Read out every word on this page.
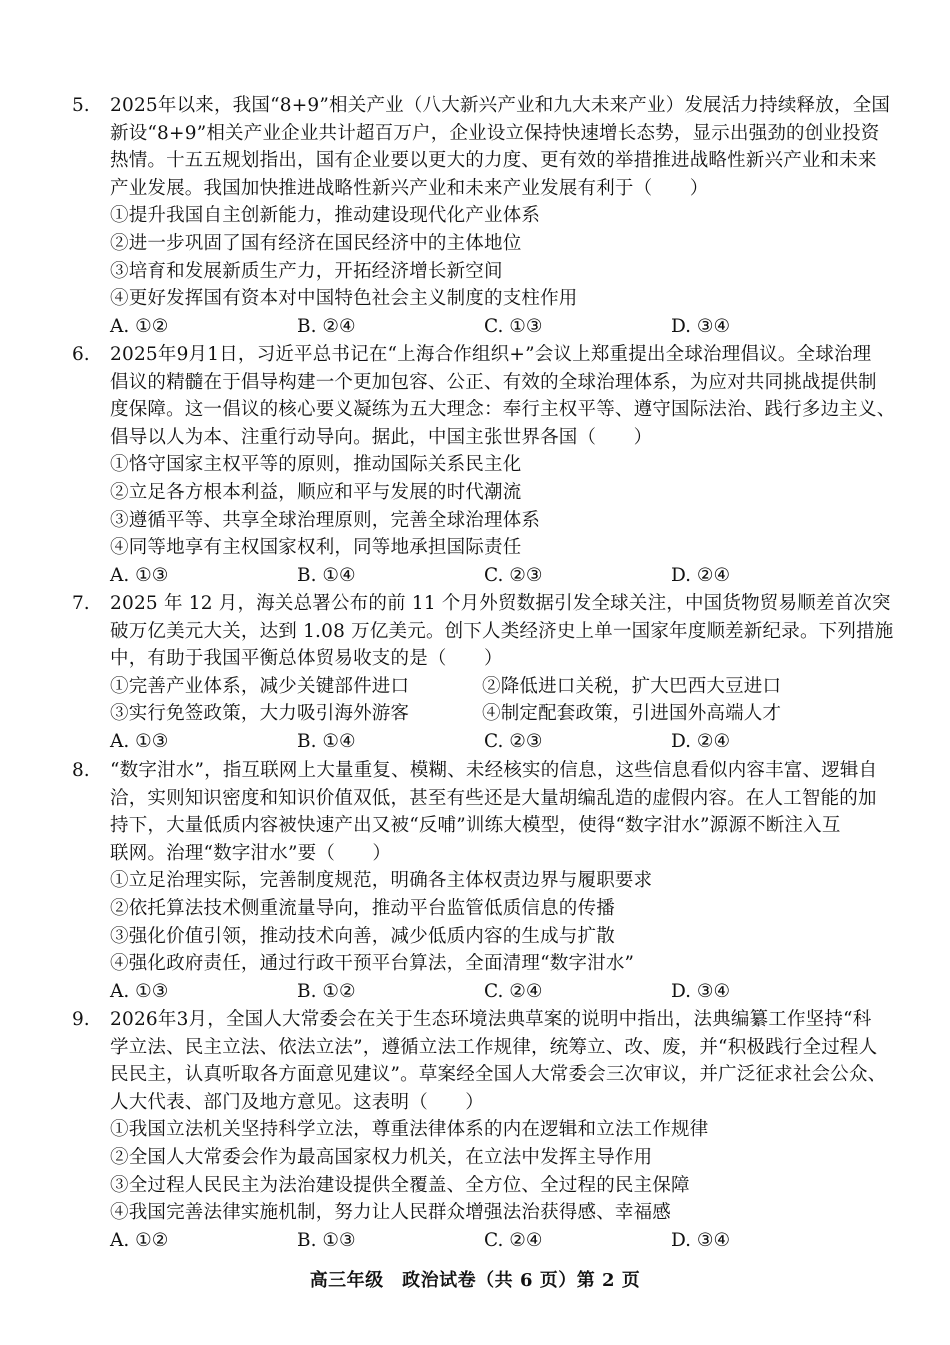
5.	2025年以来，我国“8+9”相关产业（八大新兴产业和九大未来产业）发展活力持续释放，全国
新设“8+9”相关产业企业共计超百万户，企业设立保持快速增长态势，显示出强劲的创业投资
热情。十五五规划指出，国有企业要以更大的力度、更有效的举措推进战略性新兴产业和未来
产业发展。我国加快推进战略性新兴产业和未来产业发展有利于（　　）
①提升我国自主创新能力，推动建设现代化产业体系
②进一步巩固了国有经济在国民经济中的主体地位
③培育和发展新质生产力，开拓经济增长新空间
④更好发挥国有资本对中国特色社会主义制度的支柱作用
A. ①②	B. ②④	C. ①③	D. ③④
6.	2025年9月1日，习近平总书记在“上海合作组织+”会议上郑重提出全球治理倡议。全球治理
倡议的精髓在于倡导构建一个更加包容、公正、有效的全球治理体系，为应对共同挑战提供制
度保障。这一倡议的核心要义凝练为五大理念：奉行主权平等、遵守国际法治、践行多边主义、
倡导以人为本、注重行动导向。据此，中国主张世界各国（　　）
①恪守国家主权平等的原则，推动国际关系民主化
②立足各方根本利益，顺应和平与发展的时代潮流
③遵循平等、共享全球治理原则，完善全球治理体系
④同等地享有主权国家权利，同等地承担国际责任
A. ①③	B. ①④	C. ②③	D. ②④
7.	2025 年 12 月，海关总署公布的前 11 个月外贸数据引发全球关注，中国货物贸易顺差首次突
破万亿美元大关，达到 1.08 万亿美元。创下人类经济史上单一国家年度顺差新纪录。下列措施
中，有助于我国平衡总体贸易收支的是（　　）
①完善产业体系，减少关键部件进口	②降低进口关税，扩大巴西大豆进口
③实行免签政策，大力吸引海外游客	④制定配套政策，引进国外高端人才
A. ①③	B. ①④	C. ②③	D. ②④
8.	“数字泔水”，指互联网上大量重复、模糊、未经核实的信息，这些信息看似内容丰富、逻辑自
洽，实则知识密度和知识价值双低，甚至有些还是大量胡编乱造的虚假内容。在人工智能的加
持下，大量低质内容被快速产出又被“反哺”训练大模型，使得“数字泔水”源源不断注入互
联网。治理“数字泔水”要（　　）
①立足治理实际，完善制度规范，明确各主体权责边界与履职要求
②依托算法技术侧重流量导向，推动平台监管低质信息的传播
③强化价值引领，推动技术向善，减少低质内容的生成与扩散
④强化政府责任，通过行政干预平台算法，全面清理“数字泔水”
A. ①③	B. ①②	C. ②④	D. ③④
9.	2026年3月，全国人大常委会在关于生态环境法典草案的说明中指出，法典编纂工作坚持“科
学立法、民主立法、依法立法”，遵循立法工作规律，统筹立、改、废，并“积极践行全过程人
民民主，认真听取各方面意见建议”。草案经全国人大常委会三次审议，并广泛征求社会公众、
人大代表、部门及地方意见。这表明（　　）
①我国立法机关坚持科学立法，尊重法律体系的内在逻辑和立法工作规律
②全国人大常委会作为最高国家权力机关，在立法中发挥主导作用
③全过程人民民主为法治建设提供全覆盖、全方位、全过程的民主保障
④我国完善法律实施机制，努力让人民群众增强法治获得感、幸福感
A. ①②	B. ①③	C. ②④	D. ③④
高三年级　政治试卷（共 6 页）第 2 页
